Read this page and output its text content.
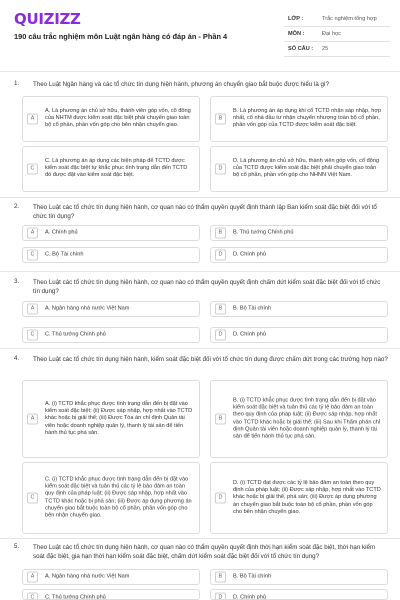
QUIZIZZ
190 câu trắc nghiệm môn Luật ngân hàng có đáp án - Phần 4
LỚP :	Trắc nghiệm tổng hợp
MÔN :	Đại học
SỐ CÂU : 25
1. Theo Luật Ngân hàng và các tổ chức tín dụng hiện hành, phương án chuyển giao bắt buộc được hiểu là gì?
A
A. Là phương án chủ sở hữu, thành viên góp vốn, cổ đông của NHTM được kiểm soát đặc biệt phải chuyển giao toàn bộ cổ phần, phần vốn góp cho bên nhận chuyển giao.
B
B. Là phương án áp dụng khi cổ TCTD nhận sáp nhập, hợp nhất, cổ nhà đầu tư nhận chuyển nhượng toàn bộ cổ phần, phần vốn góp của TCTD được kiểm soát đặc biệt.
C
C. Là phương án áp dụng các biện pháp để TCTD được kiểm soát đặc biệt tự khắc phục tình trạng dẫn đến TCTD đó được đặt vào kiểm soát đặc biệt.
D
D. Là phương án chủ sở hữu, thành viên góp vốn, cổ đông của TCTD được kiểm soát đặc biệt phải chuyển giao toàn bộ cổ phần, phần vốn góp cho NHNN Việt Nam.
2. Theo Luật các tổ chức tín dụng hiện hành, cơ quan nào có thẩm quyền quyết định thành lập Ban kiểm soát đặc biệt đối với tổ chức tín dụng?
A	A. Chính phủ	B	B. Thủ tướng Chính phủ
C	C. Bộ Tài chính	D	D. Chính phủ
3. Theo Luật các tổ chức tín dụng hiện hành, cơ quan nào có thẩm quyền quyết định chấm dứt kiểm soát đặc biệt đối với tổ chức tín dụng?
A	A. Ngân hàng nhà nước Việt Nam	B	B. Bộ Tài chính
C	C. Thủ tướng Chính phủ	D	D. Chính phủ
4. Theo Luật các tổ chức tín dụng hiện hành, kiểm soát đặc biệt đối với tổ chức tín dụng được chấm dứt trong các trường hợp nào?
A
A. (i) TCTD khắc phục được tình trạng dẫn đến bị đặt vào kiểm soát đặc biệt; (ii) Được sáp nhập, hợp nhất vào TCTD khác hoặc bị giải thể; (iii) Được Tòa án chỉ định Quản tài viên hoặc doanh nghiệp quản lý, thanh lý tài sản để tiến hành thủ tục phá sản.
B
B. (i) TCTD khắc phục được tình trạng dẫn đến bị đặt vào kiểm soát đặc biệt và tuân thủ các tỷ lệ bảo đảm an toàn theo quy định của pháp luật; (ii) Được sáp nhập, hợp nhất vào TCTD khác hoặc bị giải thể; (iii) Sau khi Thẩm phán chỉ định Quản tài viên hoặc doanh nghiệp quản lý, thanh lý tài sản để tiến hành thủ tục phá sản.
C
C. (i) TCTD khắc phục được tình trạng dẫn đến bị đặt vào kiểm soát đặc biệt và tuân thủ các tỷ lệ bảo đảm an toàn quy định của pháp luật; (ii) Được sáp nhập, hợp nhất vào TCTD khác hoặc bị phá sản; (iii) Được áp dụng phương án chuyển giao bắt buộc toàn bộ cổ phần, phần vốn góp cho bên nhận chuyển giao.
D
D. (i) TCTD đạt được các tỷ lệ bảo đảm an toàn theo quy định của pháp luật; (ii) Được sáp nhập, hợp nhất vào TCTD khác hoặc bị giải thể, phá sản; (iii) Được áp dụng phương án chuyển giao bắt buộc toàn bộ cổ phần, phần vốn góp cho bên nhận chuyển giao.
5. Theo Luật các tổ chức tín dụng hiện hành, cơ quan nào có thẩm quyền quyết định thời hạn kiểm soát đặc biệt, thời hạn kiểm soát đặc biệt, gia hạn thời hạn kiểm soát đặc biệt, chấm dứt kiểm soát đặc biệt đối với tổ chức tín dụng?
A	A. Ngân hàng nhà nước Việt Nam	B	B. Bộ Tài chính
C	C. Thủ tướng Chính phủ	D	D. Chính phủ
